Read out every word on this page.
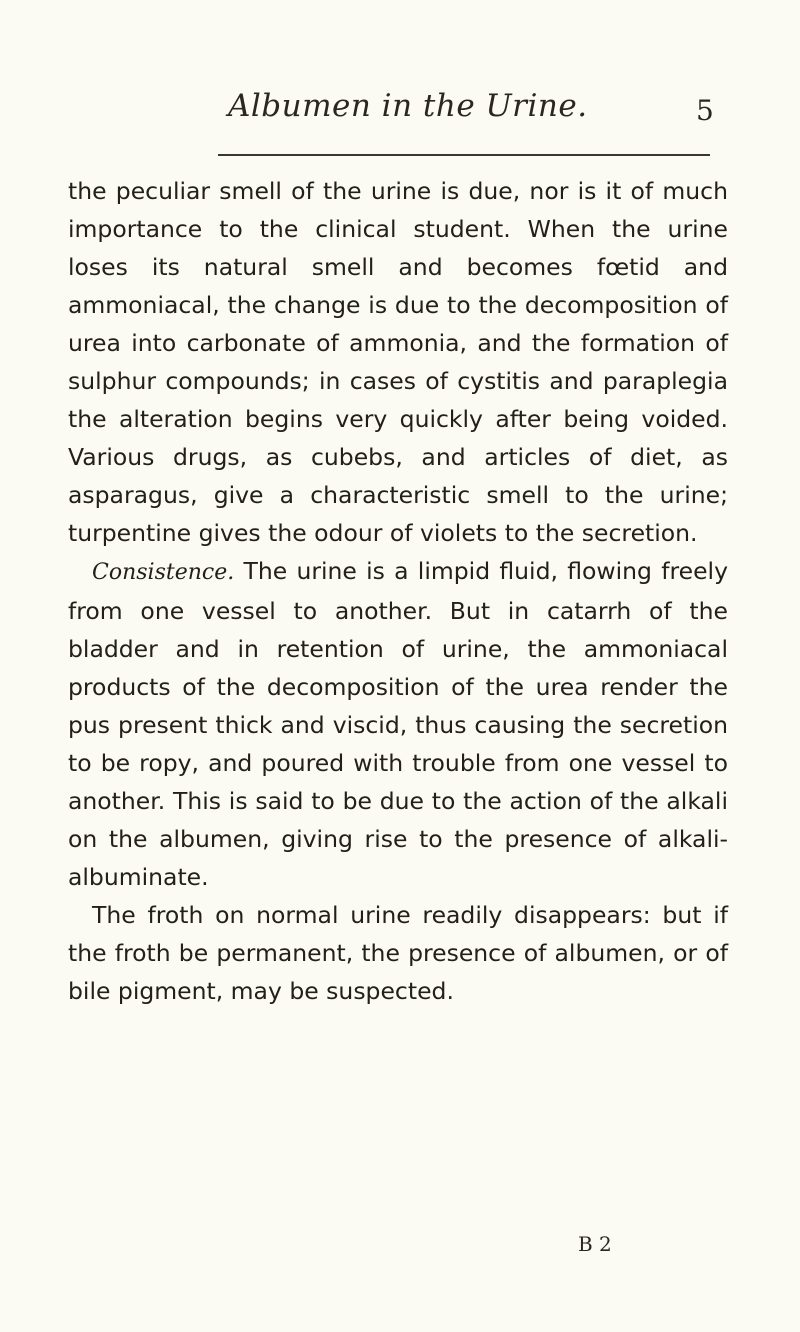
Albumen in the Urine.	5

the peculiar smell of the urine is due, nor is it of much importance to the clinical student. When the urine loses its natural smell and becomes fœtid and ammoniacal, the change is due to the decomposition of urea into carbonate of ammonia, and the formation of sulphur compounds; in cases of cystitis and paraplegia the alteration begins very quickly after being voided. Various drugs, as cubebs, and articles of diet, as asparagus, give a characteristic smell to the urine; turpentine gives the odour of violets to the secretion.

Consistence. The urine is a limpid fluid, flowing freely from one vessel to another. But in catarrh of the bladder and in retention of urine, the ammoniacal products of the decomposition of the urea render the pus present thick and viscid, thus causing the secretion to be ropy, and poured with trouble from one vessel to another. This is said to be due to the action of the alkali on the albumen, giving rise to the presence of alkali-albuminate.

The froth on normal urine readily disappears: but if the froth be permanent, the presence of albumen, or of bile pigment, may be suspected.

B 2
